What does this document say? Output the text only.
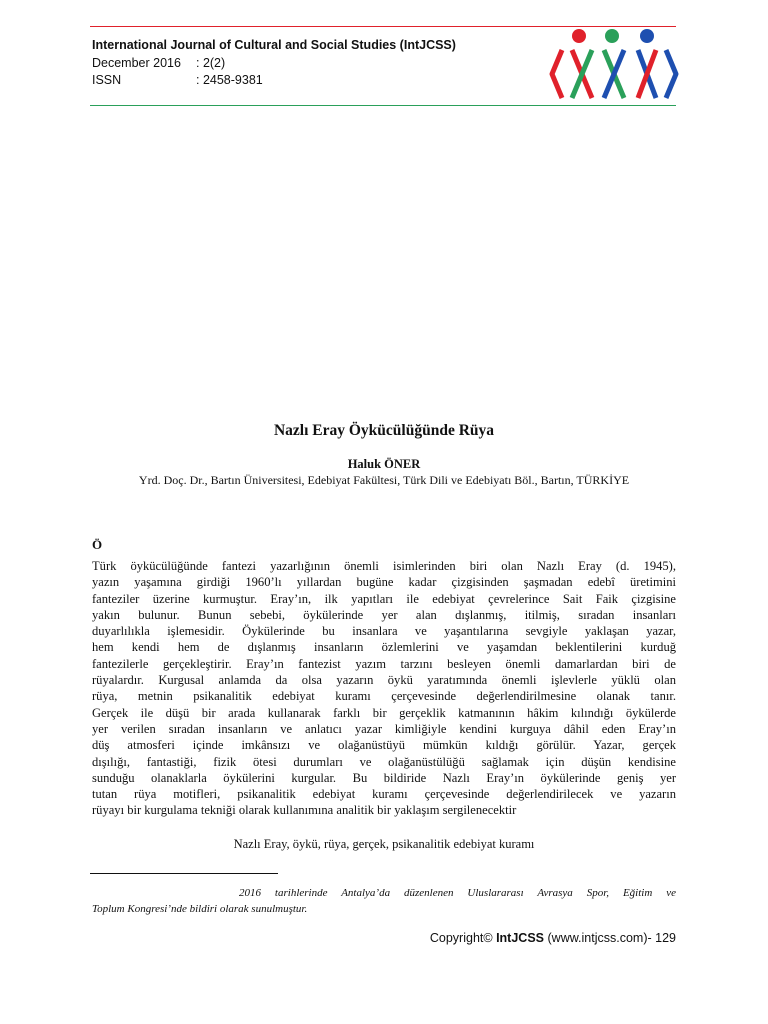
International Journal of Cultural and Social Studies (IntJCSS)
December 2016 : 2(2)
ISSN	: 2458-9381
Nazlı Eray Öykücülüğünde Rüya
Haluk ÖNER
Yrd. Doç. Dr., Bartın Üniversitesi, Edebiyat Fakültesi, Türk Dili ve Edebiyatı Böl., Bartın, TÜRKİYE
Ö
Türk öykücülüğünde fantezi yazarlığının önemli isimlerinden biri olan Nazlı Eray (d. 1945),
yazın yaşamına girdiği 1960’lı yıllardan bugüne kadar çizgisinden şaşmadan edebî üretimini
fanteziler üzerine kurmuştur. Eray’ın, ilk yapıtları ile edebiyat çevrelerince Sait Faik çizgisine
yakın bulunur. Bunun sebebi, öykülerinde yer alan dışlanmış, itilmiş, sıradan insanları
duyarlılıkla işlemesidir. Öykülerinde bu insanlara ve yaşantılarına sevgiyle yaklaşan yazar,
hem kendi hem de dışlanmış insanların özlemlerini ve yaşamdan beklentilerini kurduğ
fantezilerle gerçekleştirir. Eray’ın fantezist yazım tarzını besleyen önemli damarlardan biri de
rüyalardır. Kurgusal anlamda da olsa yazarın öykü yaratımında önemli işlevlerle yüklü olan
rüya, metnin psikanalitik edebiyat kuramı çerçevesinde değerlendirilmesine olanak tanır.
Gerçek ile düşü bir arada kullanarak farklı bir gerçeklik katmanının hâkim kılındığı öykülerde
yer verilen sıradan insanların ve anlatıcı yazar kimliğiyle kendini kurguya dâhil eden Eray’ın
düş atmosferi içinde imkânsızı ve olağanüstüyü mümkün kıldığı görülür. Yazar, gerçek
dışılığı, fantastiği, fizik ötesi durumları ve olağanüstülüğü sağlamak için düşün kendisine
sunduğu olanaklarla öykülerini kurgular. Bu bildiride Nazlı Eray’ın öykülerinde geniş yer
tutan rüya motifleri, psikanalitik edebiyat kuramı çerçevesinde değerlendirilecek ve yazarın
rüyayı bir kurgulama tekniği olarak kullanımına analitik bir yaklaşım sergilenecektir
Nazlı Eray, öykü, rüya, gerçek, psikanalitik edebiyat kuramı
2016 tarihlerinde Antalya’da düzenlenen Uluslararası Avrasya Spor, Eğitim ve
Toplum Kongresi’nde bildiri olarak sunulmuştur.
Copyright© IntJCSS (www.intjcss.com)- 129
